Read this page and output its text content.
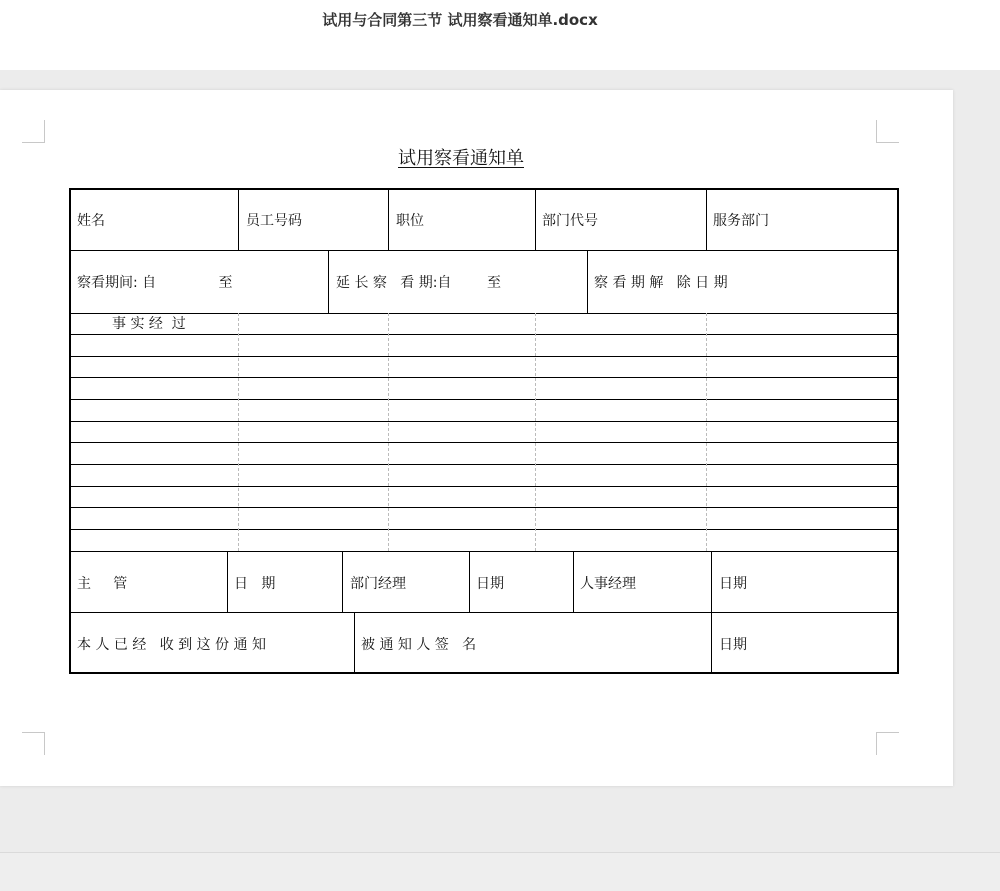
试用与合同第三节 试用察看通知单.docx
试用察看通知单
姓名	员工号码	职位	部门代号	服务部门
察看期间: 自              至	延 长 察   看 期:自        至	察 看 期 解   除 日 期
事 实 经  过
主     管	日   期	部门经理	日期	人事经理	日期
本 人 已 经   收 到 这 份 通 知	被 通 知 人 签   名	日期
